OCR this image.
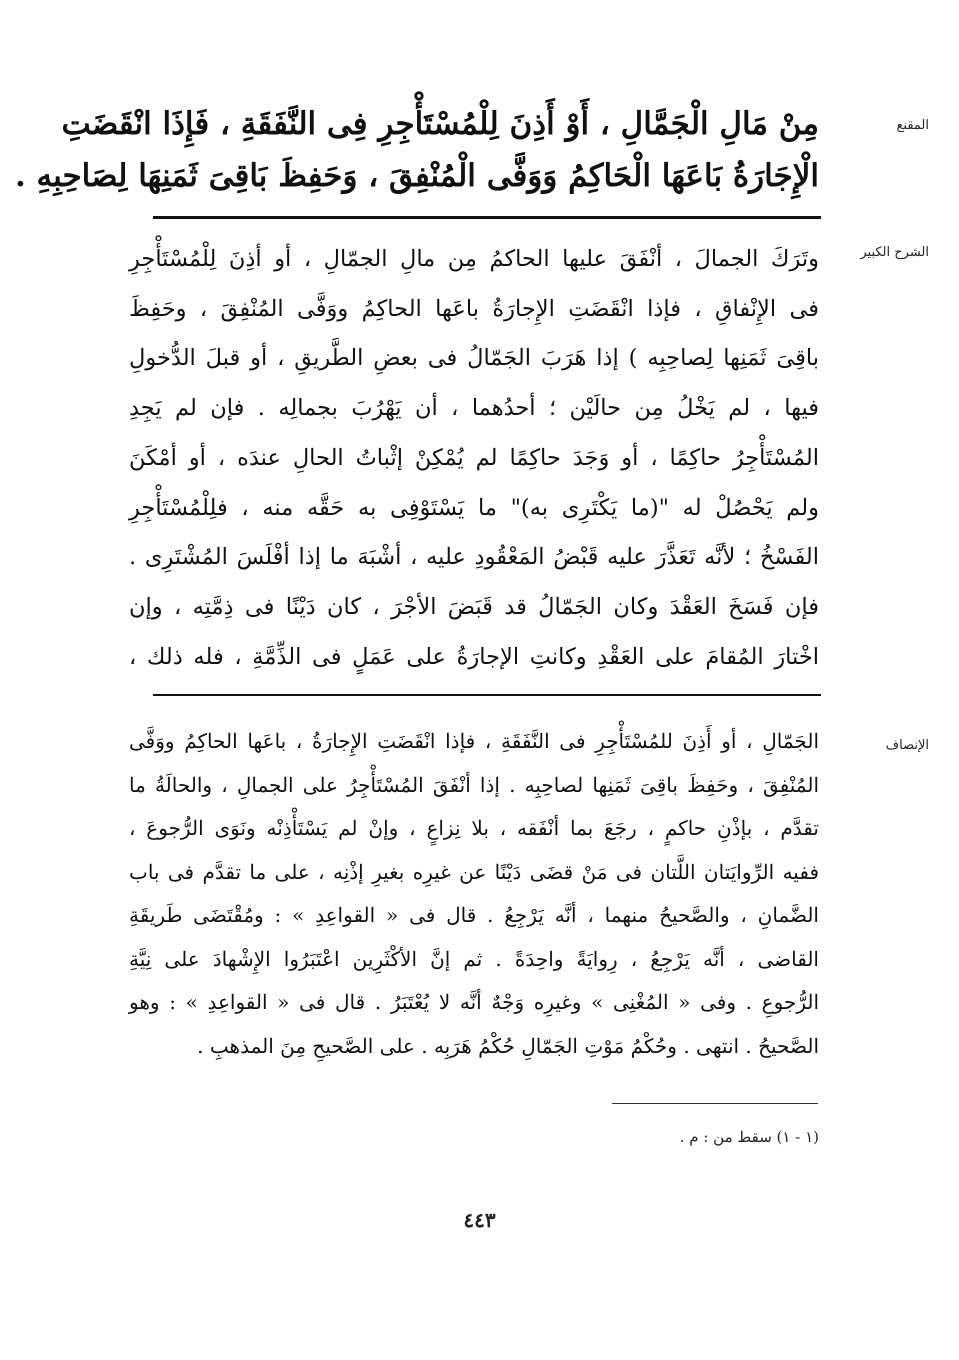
المقنع
مِنْ مَالِ الْجَمَّالِ ، أَوْ أَذِنَ لِلْمُسْتَأْجِرِ فِى النَّفَقَةِ ، فَإِذَا انْقَضَتِ
الْإِجَارَةُ بَاعَهَا الْحَاكِمُ وَوَفَّى الْمُنْفِقَ ، وَحَفِظَ بَاقِىَ ثَمَنِهَا لِصَاحِبِهِ .
الشرح الكبير
وتَرَكَ الجمالَ ، أنْفَقَ عليها الحاكمُ مِن مالِ الجمّالِ ، أو أذِنَ لِلْمُسْتَأْجِرِ
فى الإِنْفاقِ ، فإذا انْقَضَتِ الإِجارَةُ باعَها الحاكِمُ ووَفَّى المُنْفِقَ ، وحَفِظَ
باقِىَ ثَمَنِها لِصاحِبِه ) إذا هَرَبَ الجَمّالُ فى بعضِ الطَّريقِ ، أو قبلَ الدُّخولِ
فيها ، لم يَخْلُ مِن حالَيْن ؛ أحدُهما ، أن يَهْرُبَ بجمالِه . فإن لم يَجِدِ
المُسْتَأْجِرُ حاكِمًا ، أو وَجَدَ حاكِمًا لم يُمْكِنْ إثْباتُ الحالِ عندَه ، أو أمْكَنَ
ولم يَحْصُلْ له "(ما يَكْتَرِى به)" ما يَسْتَوْفِى به حَقَّه منه ، فلِلْمُسْتَأْجِرِ
الفَسْخُ ؛ لأنَّه تَعَذَّرَ عليه قَبْضُ المَعْقُودِ عليه ، أشْبَهَ ما إذا أفْلَسَ المُشْتَرِى .
فإن فَسَخَ العَقْدَ وكان الجَمّالُ قد قَبَضَ الأجْرَ ، كان دَيْنًا فى ذِمَّتِه ، وإن
اخْتارَ المُقامَ على العَقْدِ وكانتِ الإجارَةُ على عَمَلٍ فى الذِّمَّةِ ، فله ذلك ،
الإنصاف
الجَمّالِ ، أو أَذِنَ للمُسْتَأْجِرِ فى النَّفَقَةِ ، فإذا انْقَضَتِ الإِجارَةُ ، باعَها الحاكِمُ ووَفَّى
المُنْفِقَ ، وحَفِظَ باقِىَ ثَمَنِها لصاحِبِه . إذا أنْفَقَ المُسْتَأْجِرُ على الجمالِ ، والحالَةُ ما
تقدَّم ، بإذْنِ حاكمٍ ، رجَعَ بما أنْفَقه ، بلا نِزاعٍ ، وإنْ لم يَسْتَأْذِنْه ونَوَى الرُّجوعَ ،
ففيه الرِّوايَتان اللَّتان فى مَنْ قضَى دَيْنًا عن غيرِه بغيرِ إذْنِه ، على ما تقدَّم فى باب
الضَّمانِ ، والصَّحيحُ منهما ، أنَّه يَرْجِعُ . قال فى « القواعِدِ » : ومُقْتَضَى طَريقَةِ
القاضى ، أنَّه يَرْجِعُ ، رِوايَةً واحِدَةً . ثم إنَّ الأكْثَرِين اعْتَبَرُوا الإِشْهادَ على نِيَّةِ
الرُّجوعِ . وفى « المُغْنِى » وغيرِه وَجْهٌ أنَّه لا يُعْتَبَرُ . قال فى « القواعِدِ » : وهو
الصَّحيحُ . انتهى . وحُكْمُ مَوْتِ الجَمّالِ حُكْمُ هَرَبِه . على الصَّحيحِ مِنَ المذهبِ .
(١ - ١) سقط من : م .
٤٤٣
